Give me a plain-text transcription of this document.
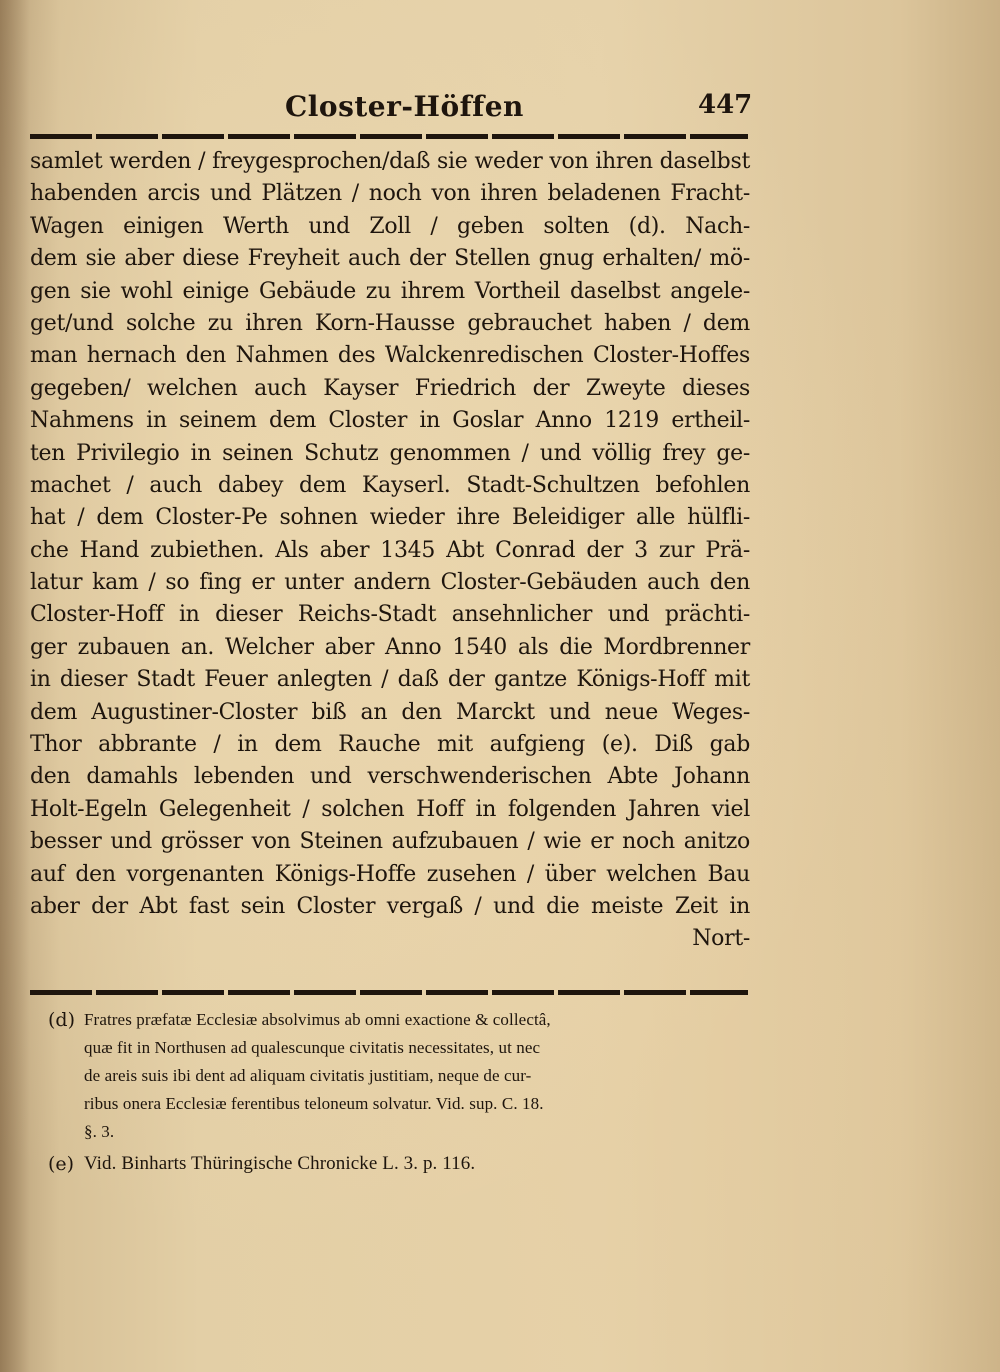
Closter-Höffen	447
samlet werden / freygesprochen/daß sie weder von ihren daselbst
habenden arcis und Plätzen / noch von ihren beladenen Fracht-
Wagen einigen Werth und Zoll / geben solten (d). Nach-
dem sie aber diese Freyheit auch der Stellen gnug erhalten/ mö-
gen sie wohl einige Gebäude zu ihrem Vortheil daselbst angele-
get/und solche zu ihren Korn-Hausse gebrauchet haben / dem
man hernach den Nahmen des Walckenredischen Closter-Hoffes
gegeben/ welchen auch Kayser Friedrich der Zweyte dieses
Nahmens in seinem dem Closter in Goslar Anno 1219 ertheil-
ten Privilegio in seinen Schutz genommen / und völlig frey ge-
machet / auch dabey dem Kayserl. Stadt-Schultzen befohlen
hat / dem Closter-Pe sohnen wieder ihre Beleidiger alle hülfli-
che Hand zubiethen. Als aber 1345 Abt Conrad der 3 zur Prä-
latur kam / so fing er unter andern Closter-Gebäuden auch den
Closter-Hoff in dieser Reichs-Stadt ansehnlicher und prächti-
ger zubauen an. Welcher aber Anno 1540 als die Mordbrenner
in dieser Stadt Feuer anlegten / daß der gantze Königs-Hoff mit
dem Augustiner-Closter biß an den Marckt und neue Weges-
Thor abbrante / in dem Rauche mit aufgieng (e). Diß gab
den damahls lebenden und verschwenderischen Abte Johann
Holt-Egeln Gelegenheit / solchen Hoff in folgenden Jahren viel
besser und grösser von Steinen aufzubauen / wie er noch anitzo
auf den vorgenanten Königs-Hoffe zusehen / über welchen Bau
aber der Abt fast sein Closter vergaß / und die meiste Zeit in
Nort-
(d) Fratres præfatæ Ecclesiæ absolvimus ab omni exactione & collectâ,
quæ fit in Northusen ad qualescunque civitatis necessitates, ut nec
de areis suis ibi dent ad aliquam civitatis justitiam, neque de cur-
ribus onera Ecclesiæ ferentibus teloneum solvatur. Vid. sup. C. 18.
§. 3.
(e) Vid. Binharts Thüringische Chronicke L. 3. p. 116.
